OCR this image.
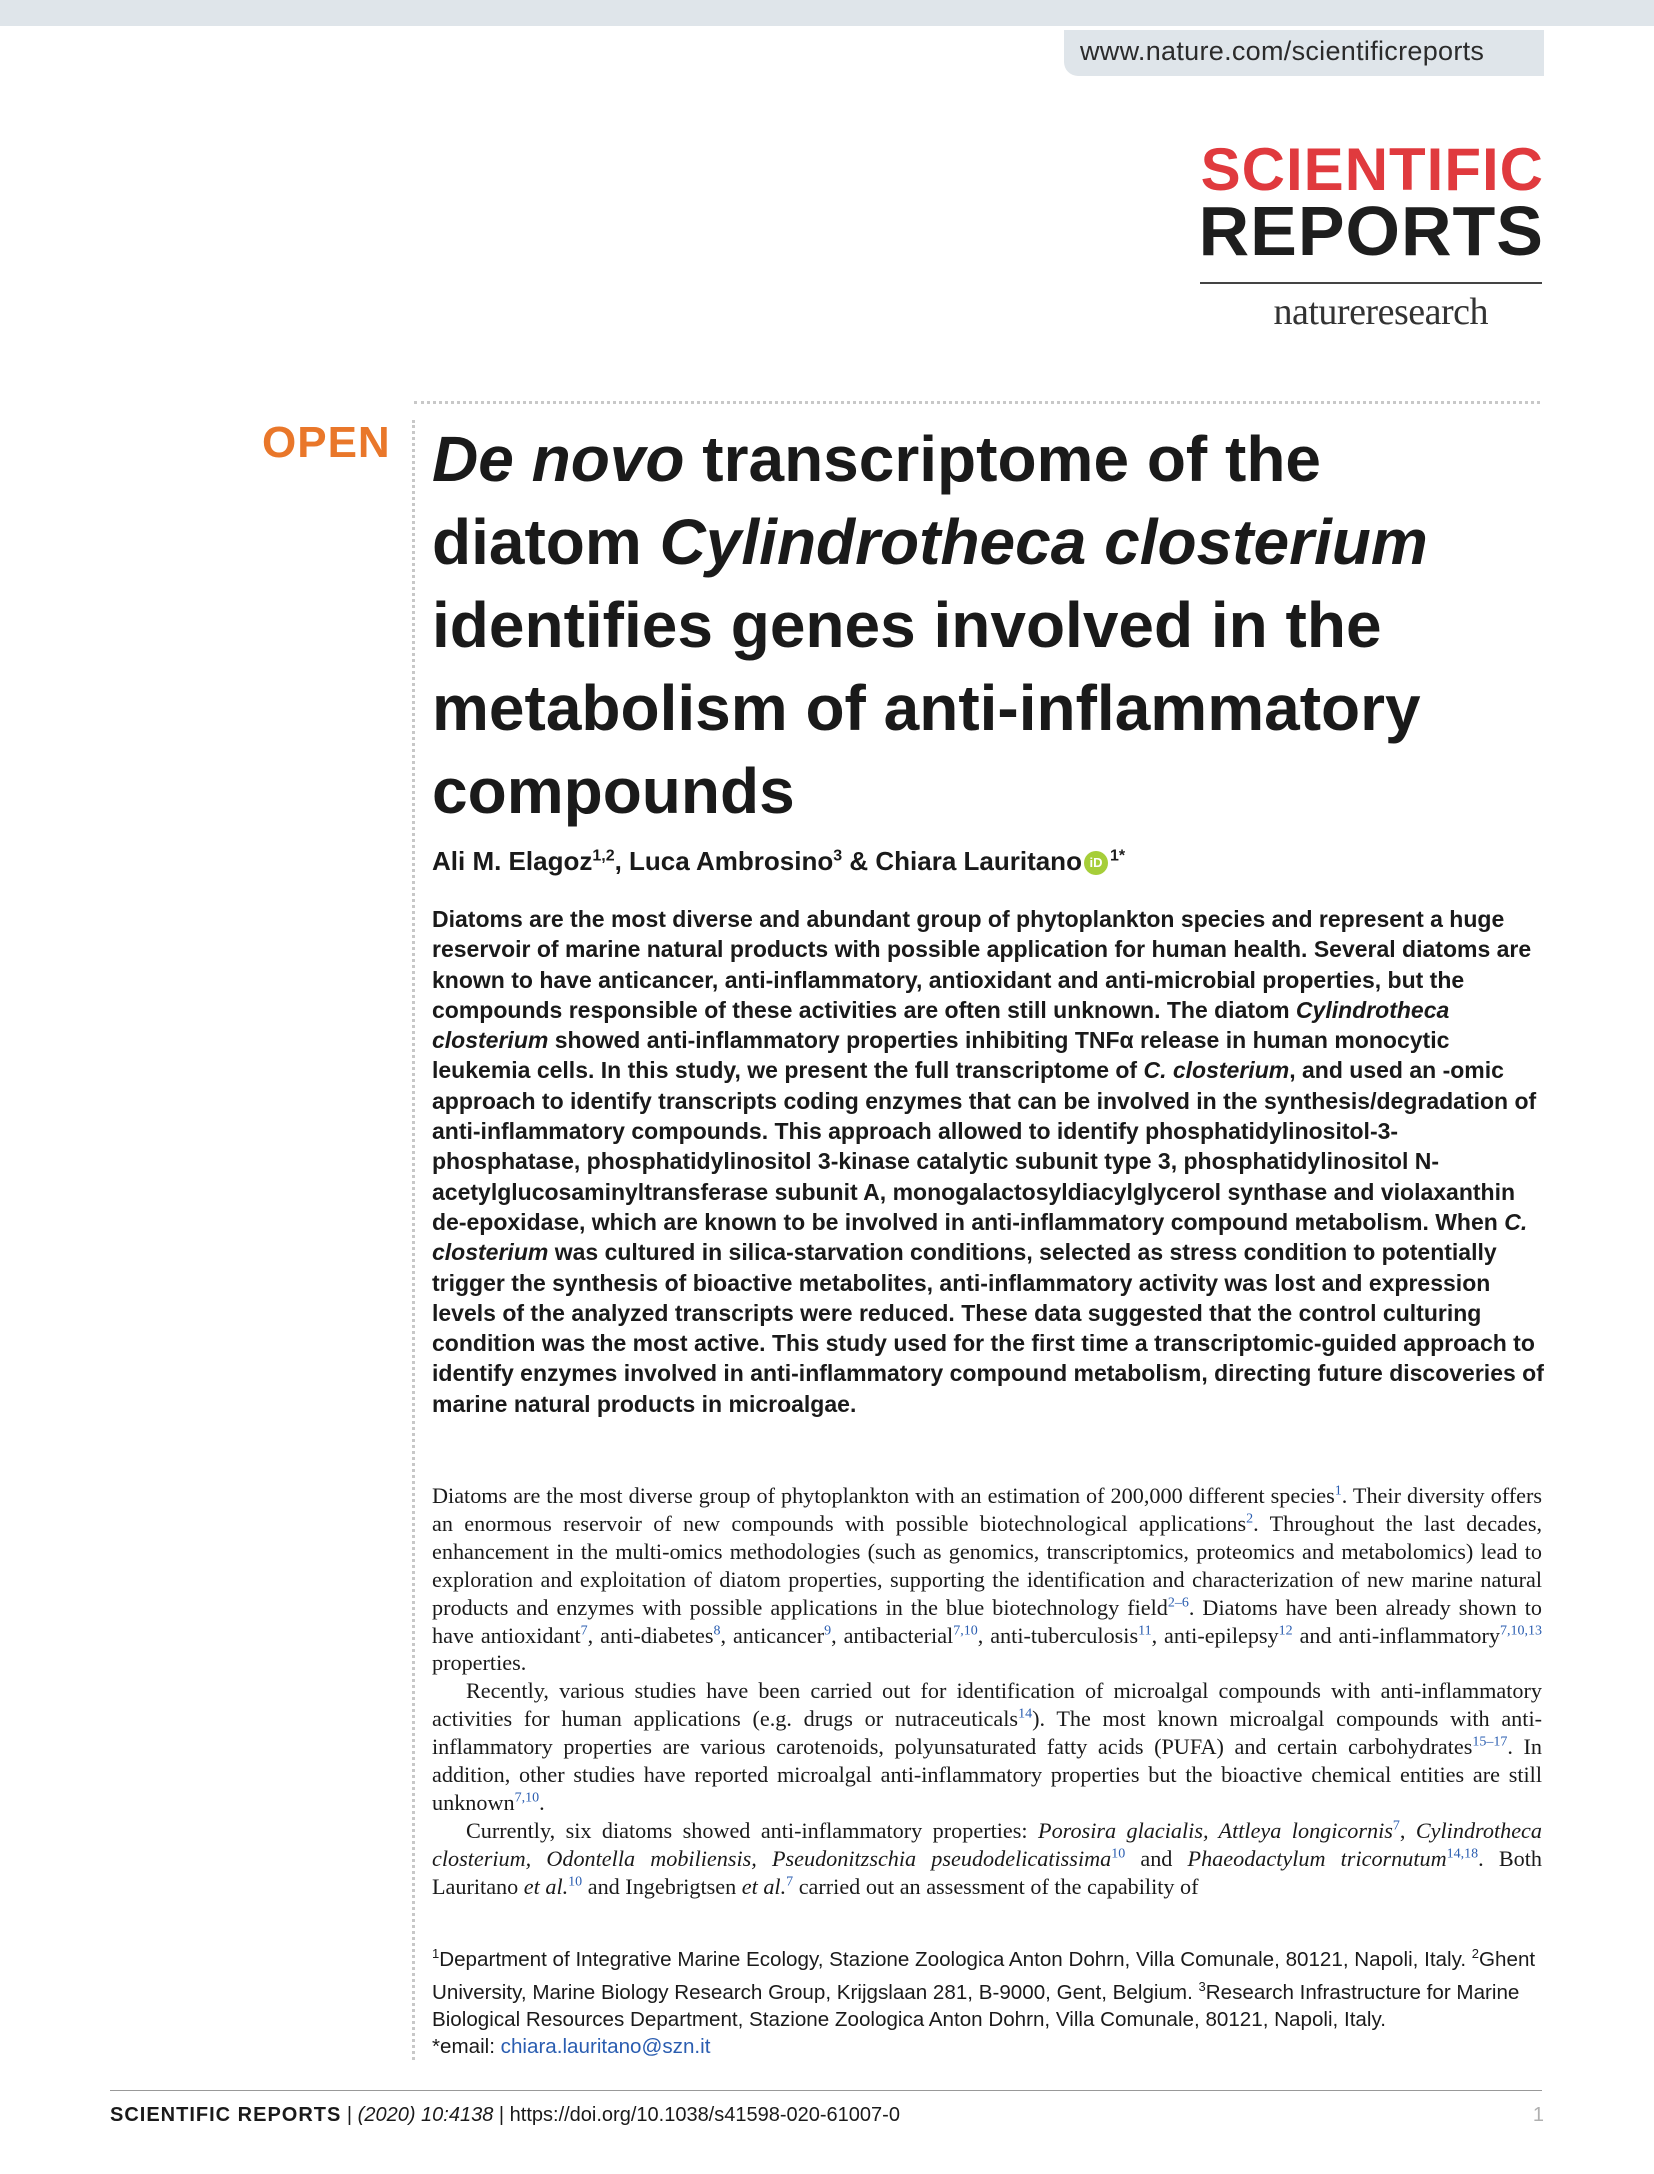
www.nature.com/scientificreports
SCIENTIFIC
REPORTS
natureresearch
OPEN De novo transcriptome of the diatom Cylindrotheca closterium identifies genes involved in the metabolism of anti-inflammatory compounds
Ali M. Elagoz$^{1,2}$, Luca Ambrosino$^3$ & Chiara Lauritano iD $^{1*}$

Diatoms are the most diverse and abundant group of phytoplankton species and represent a huge reservoir of marine natural products with possible application for human health. Several diatoms are known to have anticancer, anti-inflammatory, antioxidant and anti-microbial properties, but the compounds responsible of these activities are often still unknown. The diatom Cylindrotheca closterium showed anti-inflammatory properties inhibiting TNFα release in human monocytic leukemia cells. In this study, we present the full transcriptome of C. closterium, and used an -omic approach to identify transcripts coding enzymes that can be involved in the synthesis/degradation of anti-inflammatory compounds. This approach allowed to identify phosphatidylinositol-3-phosphatase, phosphatidylinositol 3-kinase catalytic subunit type 3, phosphatidylinositol N-acetylglucosaminyltransferase subunit A, monogalactosyldiacylglycerol synthase and violaxanthin de-epoxidase, which are known to be involved in anti-inflammatory compound metabolism. When C. closterium was cultured in silica-starvation conditions, selected as stress condition to potentially trigger the synthesis of bioactive metabolites, anti-inflammatory activity was lost and expression levels of the analyzed transcripts were reduced. These data suggested that the control culturing condition was the most active. This study used for the first time a transcriptomic-guided approach to identify enzymes involved in anti-inflammatory compound metabolism, directing future discoveries of marine natural products in microalgae.

Diatoms are the most diverse group of phytoplankton with an estimation of 200,000 different species$^1$. Their diversity offers an enormous reservoir of new compounds with possible biotechnological applications$^2$. Throughout the last decades, enhancement in the multi-omics methodologies (such as genomics, transcriptomics, proteomics and metabolomics) lead to exploration and exploitation of diatom properties, supporting the identification and characterization of new marine natural products and enzymes with possible applications in the blue biotechnology field$^{2-6}$. Diatoms have been already shown to have antioxidant$^7$, anti-diabetes$^8$, anticancer$^9$, antibacterial$^{7,10}$, anti-tuberculosis$^{11}$, anti-epilepsy$^{12}$ and anti-inflammatory$^{7,10,13}$ properties.

Recently, various studies have been carried out for identification of microalgal compounds with anti-inflammatory activities for human applications (e.g. drugs or nutraceuticals$^{14}$). The most known microalgal compounds with anti-inflammatory properties are various carotenoids, polyunsaturated fatty acids (PUFA) and certain carbohydrates$^{15-17}$. In addition, other studies have reported microalgal anti-inflammatory properties but the bioactive chemical entities are still unknown$^{7,10}$.

Currently, six diatoms showed anti-inflammatory properties: Porosira glacialis, Attleya longicornis$^7$, Cylindrotheca closterium, Odontella mobiliensis, Pseudonitzschia pseudodelicatissima$^{10}$ and Phaeodactylum tricornutum$^{14,18}$. Both Lauritano et al.$^{10}$ and Ingebrigtsen et al.$^7$ carried out an assessment of the capability of

$^1$Department of Integrative Marine Ecology, Stazione Zoologica Anton Dohrn, Villa Comunale, 80121, Napoli, Italy. $^2$Ghent University, Marine Biology Research Group, Krijgslaan 281, B-9000, Gent, Belgium. $^3$Research Infrastructure for Marine Biological Resources Department, Stazione Zoologica Anton Dohrn, Villa Comunale, 80121, Napoli, Italy.

*email: chiara.lauritano@szn.it

SCIENTIFIC REPORTS | (2020) 10:4138 | https://doi.org/10.1038/s41598-020-61007-0	1
